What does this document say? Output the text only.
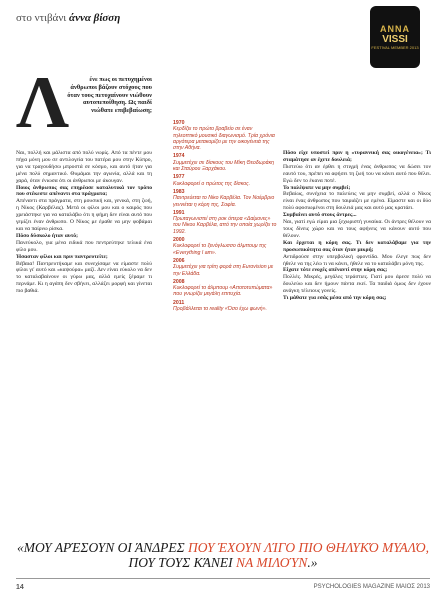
στο ντιβάνι άννα βίσση
ANNA
VISSI
FESTIVAL MEMBER 2013
Λ	ένε πως οι πετυχημένοι άνθρωποι βάζουν στόχους που όταν τους πετυχαίνουν νιώθουν αυτοπεποίθηση. Ως παιδί νιώθατε επιβεβαίωση;

Ναι, πολλή και μάλιστα από πολύ νωρίς. Από τα πέντε μου πήγα μόνη μου σε αντιλογεία του πατέρα μου στην Κύπρο, για να τραγουδήσω μπροστά σε κόσμο, και αυτό ήταν για μένα πολύ σημαντικό. Θυμάμαι την αγωνία, αλλά και τη χαρά, όταν ένιωσα ότι οι άνθρωποι με άκουγαν.

Ποιος άνθρωπος σας επηρέασε καταλυτικά τον τρόπο που στέκεστε απέναντι στα πράγματα;

Απέναντι στα πράγματα, στη μουσική και, γενικά, στη ζωή, η Νίκος (Καρβέλας). Μετά οι φίλοι μου και ο καιρός που χρειάστηκε για να καταλάβω ότι η φήμη δεν είναι αυτό που γεμίζει έναν άνθρωπο. Ο Νίκος με έμαθε να μην φοβάμαι και να παίρνω ρίσκα.

Πόσο δύσκολο ήταν αυτό;

Πανεύκολο, για μένα ειδικά που πεντρεύτηκε τελικά ένα φίλο μου.

Ήσασταν φίλοι και πριν παντρευτείτε;

Βέβαια! Παντρευτήκαμε και συνεχίσαμε να είμαστε πολύ φίλοι γι' αυτό και «καψούρα» μαζί. Δεν είναι εύκολο να δεν το καταλαβαίνουν οι γύρω μας, αλλά εμείς ξέραμε τι περνάμε. Κι η αγάπη δεν σβήνει, αλλάζει μορφή και γίνεται πιο βαθιά.

1970
Κερδίζει το πρώτο βραβείο σε έναν τηλεοπτικό μουσικό διαγωνισμό. Τρία χρόνια αργότερα μετακομίζει με την οικογένειά της στην Αθήνα.
1974
Συμμετέχει σε δίσκους του Μίκη Θεοδωράκη και Σταύρου Ξαρχάκου.
1977
Κυκλοφορεί ο πρώτος της δίσκος.
1983
Παντρεύεται το Νίκο Καρβέλα. Τον Νοέμβριο γεννιέται η κόρη της, Σοφία.
1991
Πρωταγωνιστεί στη ροκ όπερα «Δαίμονες» του Νίκου Καρβέλα, από την οποία χωρίζει το 1992.
2000
Κυκλοφορεί το ξενόγλωσσο άλμπουμ της «Everything I am».
2006
Συμμετέχει για τρίτη φορά στη Eurovision με την Ελλάδα.
2008
Κυκλοφορεί το άλμπουμ «Αποτοτυπώματα» που γνωρίζει μεγάλη επιτυχία.
2011
Προβάλλεται το reality «Όσο έχω φωνή».

Πόσο είχε υποστεί πριν η «τυραννική σας οικογένεια»; Τι σταμάτησε αν έχετε δουλειά;

Πιστεύω ότι αν έρθει η στιγμή ένας άνθρωπος να δώσει τον εαυτό του, πρέπει να αφήσει τη ζωή του να κάνει αυτό που θέλει. Εγώ δεν το έκανα ποτέ.

Το παλέψατε να μην συμβεί;

Βεβαίως, συνέχεια το παλεύεις να μην συμβεί, αλλά ο Νίκος είναι ένας άνθρωπος που ταιριάζει με εμένα. Είμαστε και οι δύο πολύ αφοσιωμένοι στη δουλειά μας και αυτό μας κρατάει.

Συμβαίνει αυτό στους άντρες...

Ναι, γιατί εγώ είμαι μια ξεχωριστή γυναίκα. Οι άντρες θέλουν να τους δίνεις χώρο και να τους αφήνεις να κάνουν αυτό που θέλουν.

Και έρχεται η κόρη σας. Τι δεν καταλάβαμε για την προσωπικότητα σας όταν ήταν μικρή;

Αντιδρούσε στην υπερβολική φροντίδα. Μου έλεγε πως δεν ήθελε να της λέω τι να κάνει, ήθελε να το καταλάβει μόνη της.

Είχατε τότε ενοχές απέναντί στην κόρη σας;

Πολλές. Μικρές, μεγάλες τεράστιες. Γιατί μου άρεσε πολύ να δουλεύω και δεν ήμουν πάντα εκεί. Τα παιδιά όμως δεν έχουν ανάγκη τέλειους γονείς.

Τι μάθατε για εσάς μέσα από την κόρη σας;

«ΜΟΥ ΑΡΈΣΟΥΝ ΟΙ ΆΝΔΡΕΣ ΠΟΥ ΈΧΟΥΝ ΛΊΓΟ ΠΙΟ ΘΗΛΥΚΌ ΜΥΑΛΌ, ΠΟΥ ΤΟΥΣ ΚΆΝΕΙ ΝΑ ΜΙΛΟΎΝ.»
14	PSYCHOLOGIES MAGAZINE ΜΑΙΟΣ 2013
